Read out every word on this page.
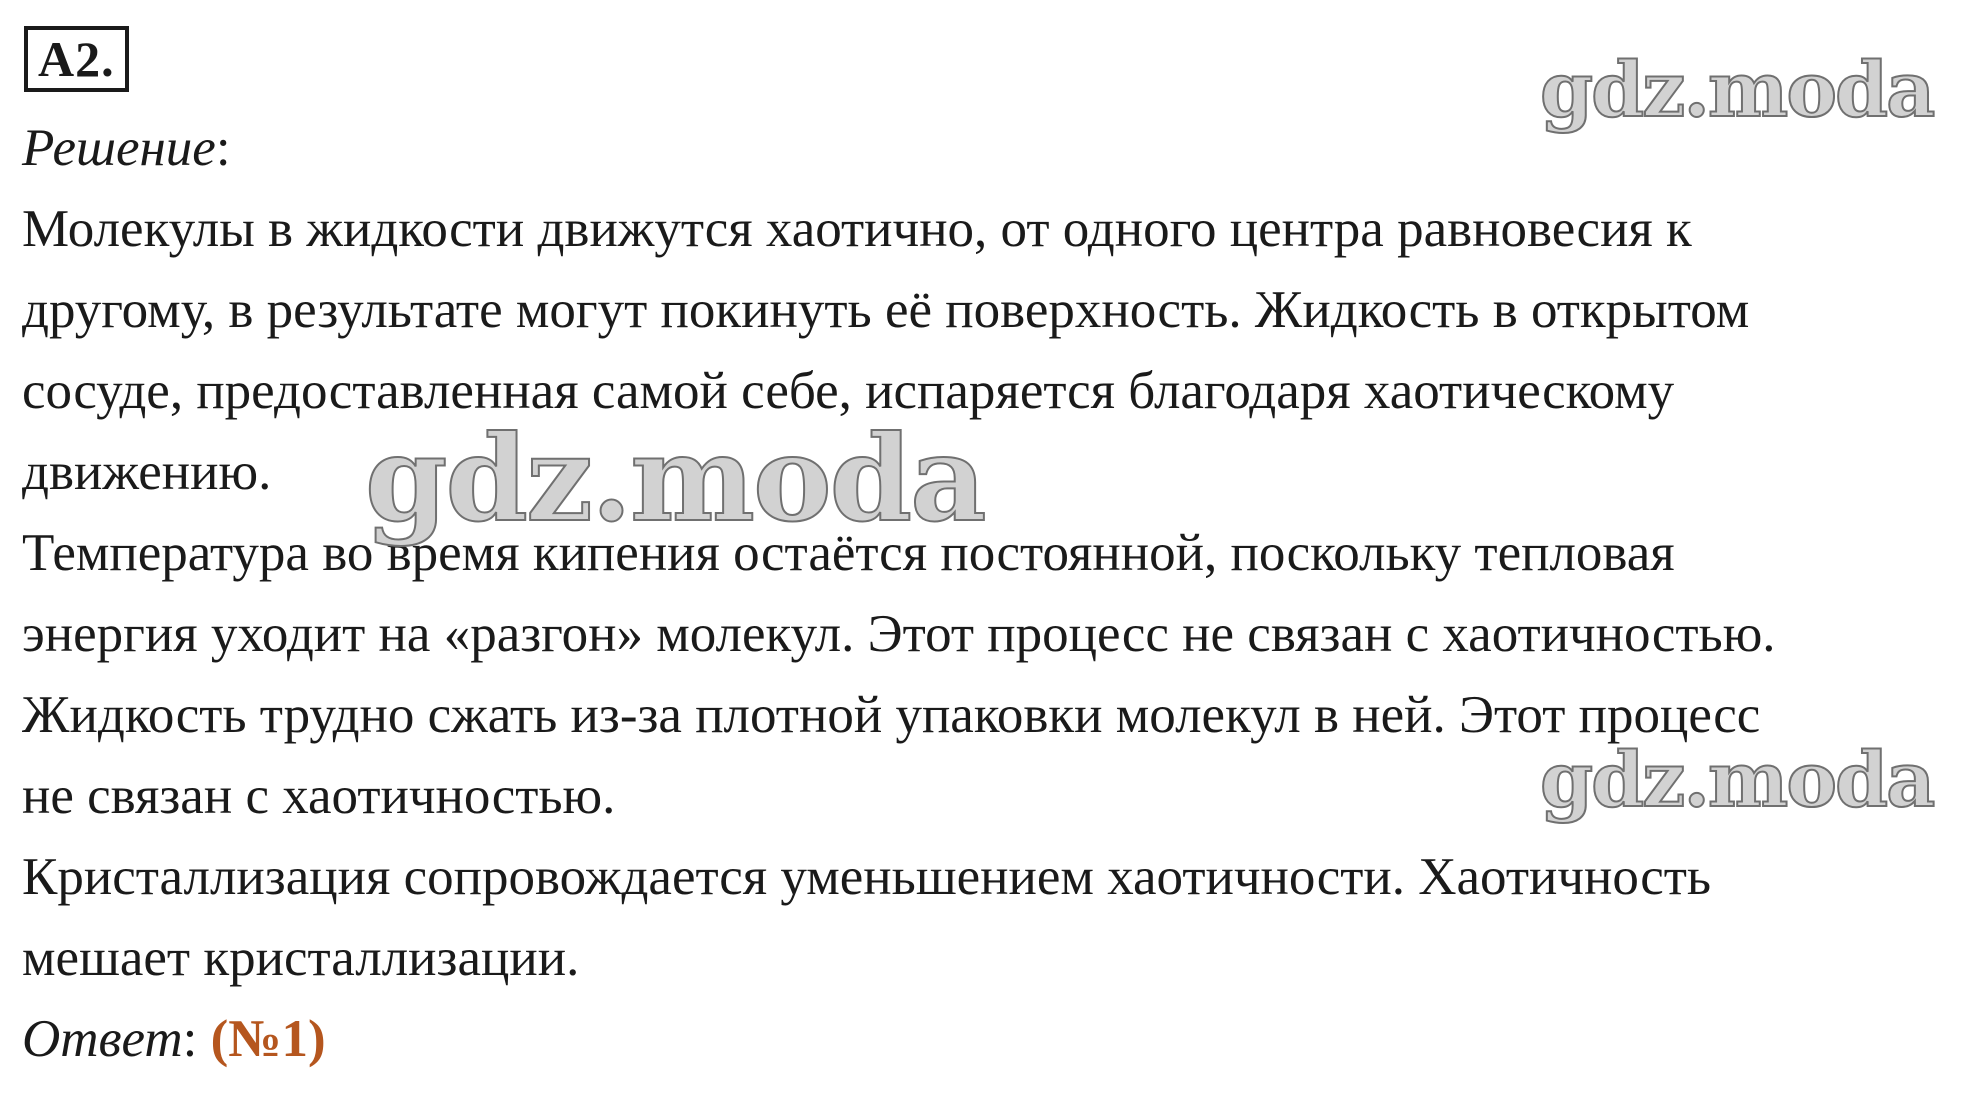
А2.
Решение:
Молекулы в жидкости движутся хаотично, от одного центра равновесия к
другому, в результате могут покинуть её поверхность. Жидкость в открытом
сосуде, предоставленная самой себе, испаряется благодаря хаотическому
движению.
Температура во время кипения остаётся постоянной, поскольку тепловая
энергия уходит на «разгон» молекул. Этот процесс не связан с хаотичностью.
Жидкость трудно сжать из-за плотной упаковки молекул в ней. Этот процесс
не связан с хаотичностью.
Кристаллизация сопровождается уменьшением хаотичности. Хаотичность
мешает кристаллизации.
Ответ: (№1)
gdz.moda
gdz.moda
gdz.moda
